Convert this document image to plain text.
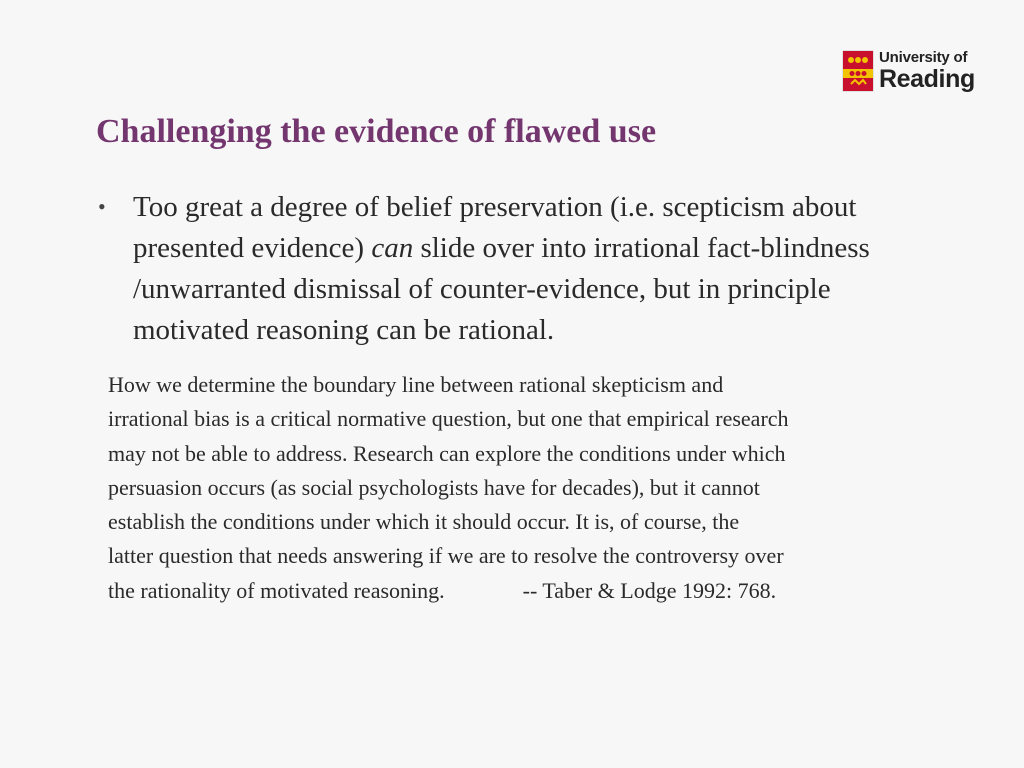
University of
Reading
Challenging the evidence of flawed use
• Too great a degree of belief preservation (i.e. scepticism about
presented evidence) can slide over into irrational fact-blindness
/unwarranted dismissal of counter-evidence, but in principle
motivated reasoning can be rational.
How we determine the boundary line between rational skepticism and
irrational bias is a critical normative question, but one that empirical research
may not be able to address. Research can explore the conditions under which
persuasion occurs (as social psychologists have for decades), but it cannot
establish the conditions under which it should occur. It is, of course, the
latter question that needs answering if we are to resolve the controversy over
the rationality of motivated reasoning.	-- Taber & Lodge 1992: 768.
